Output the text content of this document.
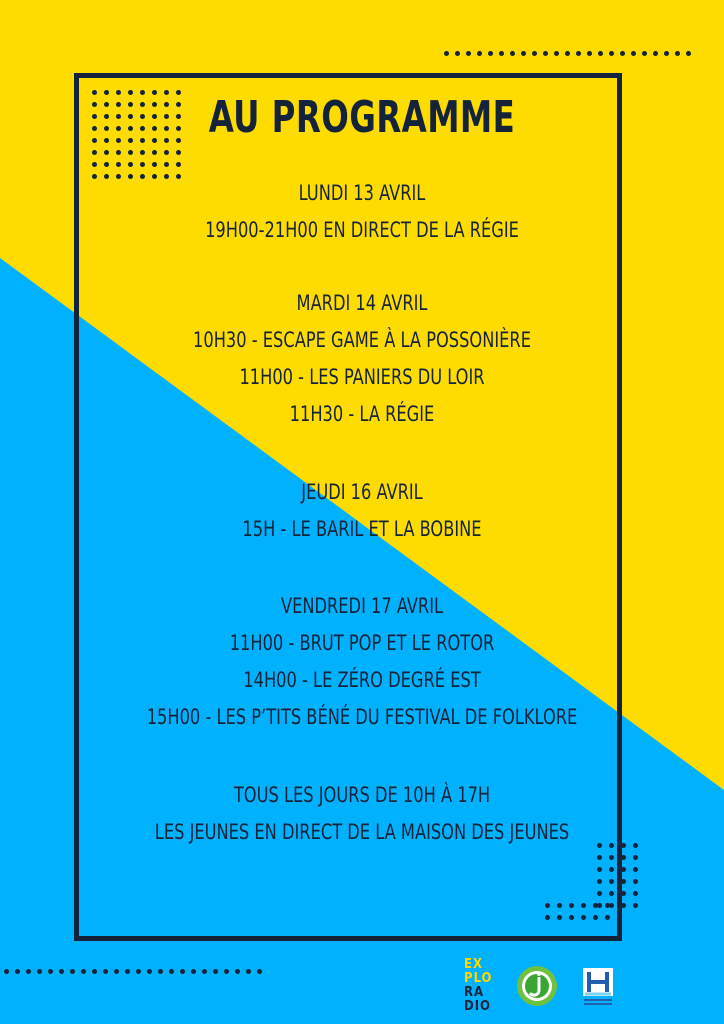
AU PROGRAMME
LUNDI 13 AVRIL
19H00-21H00 EN DIRECT DE LA RÉGIE
MARDI 14 AVRIL
10H30 - ESCAPE GAME À LA POSSONIÈRE
11H00 - LES PANIERS DU LOIR
11H30 - LA RÉGIE
JEUDI 16 AVRIL
15H - LE BARIL ET LA BOBINE
VENDREDI 17 AVRIL
11H00 - BRUT POP ET LE ROTOR
14H00 - LE ZÉRO DEGRÉ EST
15H00 - LES P’TITS BÉNÉ DU FESTIVAL DE FOLKLORE
TOUS LES JOURS DE 10H À 17H
LES JEUNES EN DIRECT DE LA MAISON DES JEUNES
EX
PLO
RA
DIO
